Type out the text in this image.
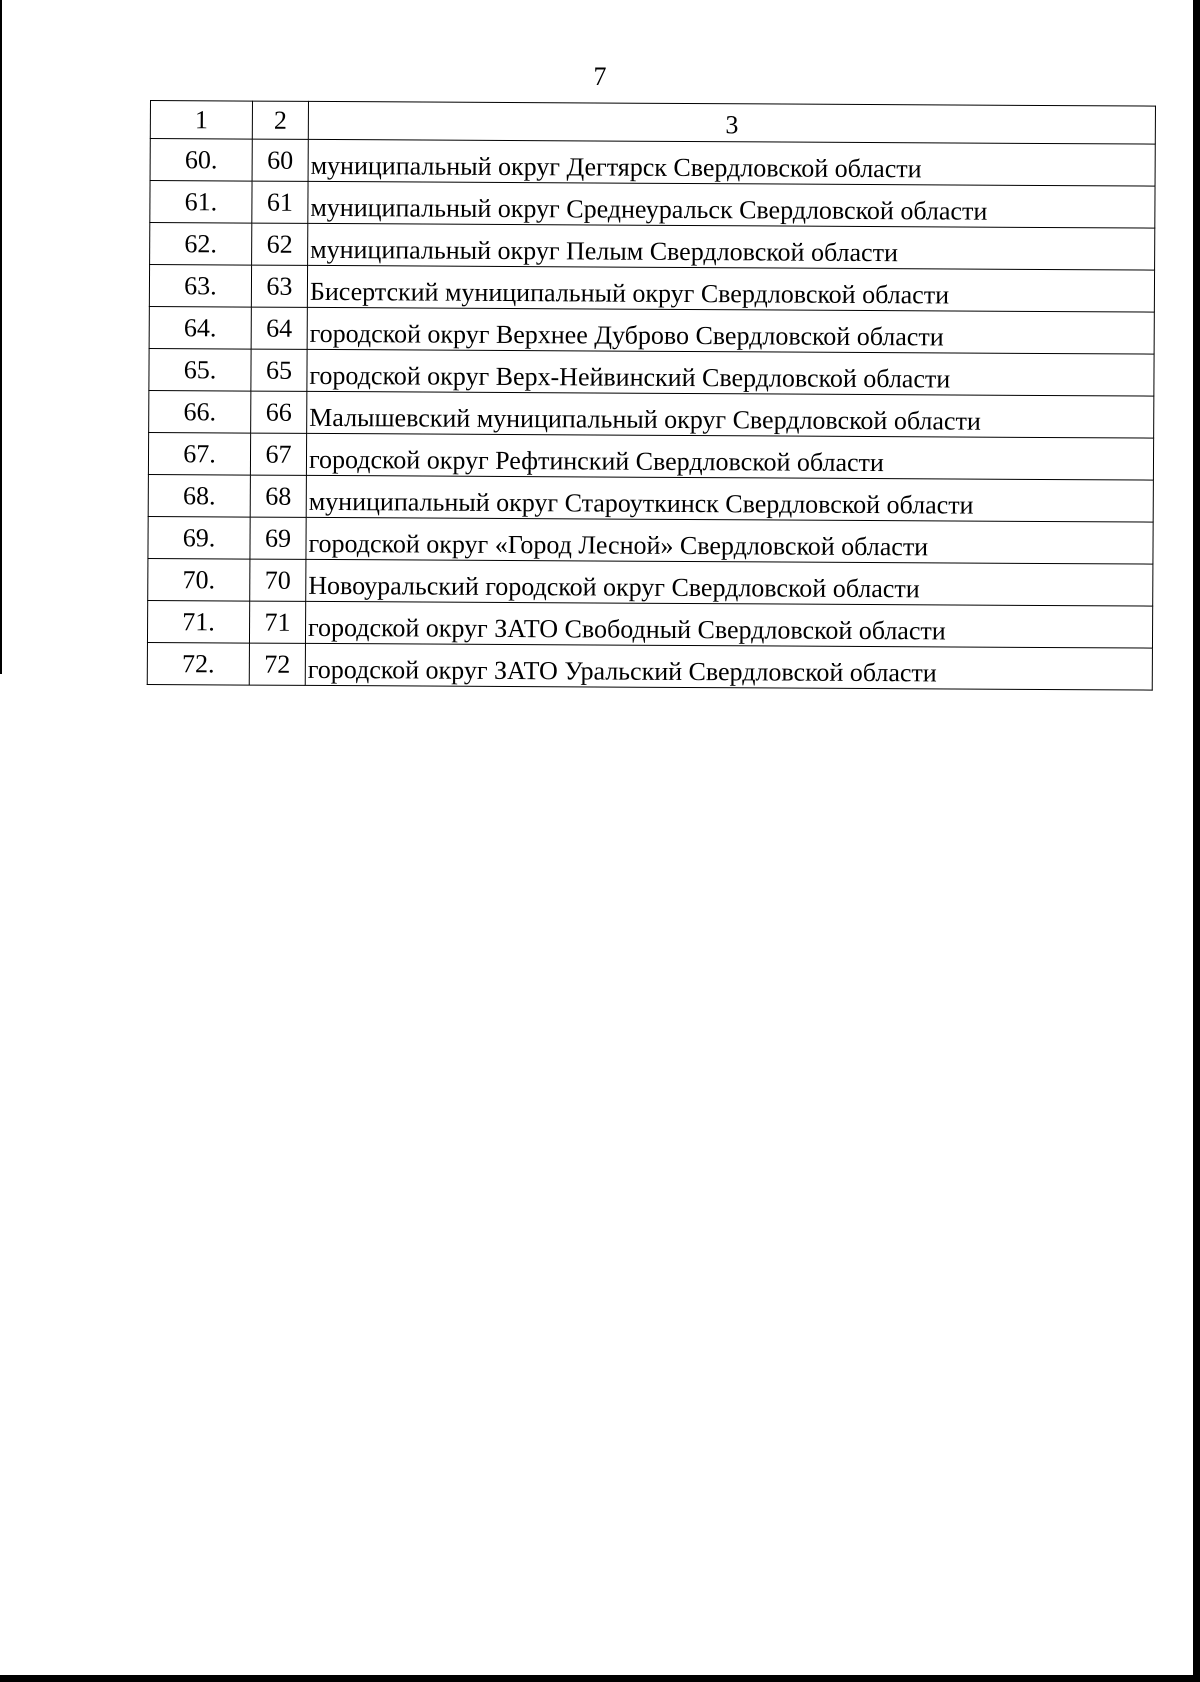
7
1	2	3
60.	60	муниципальный округ Дегтярск Свердловской области
61.	61	муниципальный округ Среднеуральск Свердловской области
62.	62	муниципальный округ Пелым Свердловской области
63.	63	Бисертский муниципальный округ Свердловской области
64.	64	городской округ Верхнее Дуброво Свердловской области
65.	65	городской округ Верх-Нейвинский Свердловской области
66.	66	Малышевский муниципальный округ Свердловской области
67.	67	городской округ Рефтинский Свердловской области
68.	68	муниципальный округ Староуткинск Свердловской области
69.	69	городской округ «Город Лесной» Свердловской области
70.	70	Новоуральский городской округ Свердловской области
71.	71	городской округ ЗАТО Свободный Свердловской области
72.	72	городской округ ЗАТО Уральский Свердловской области
